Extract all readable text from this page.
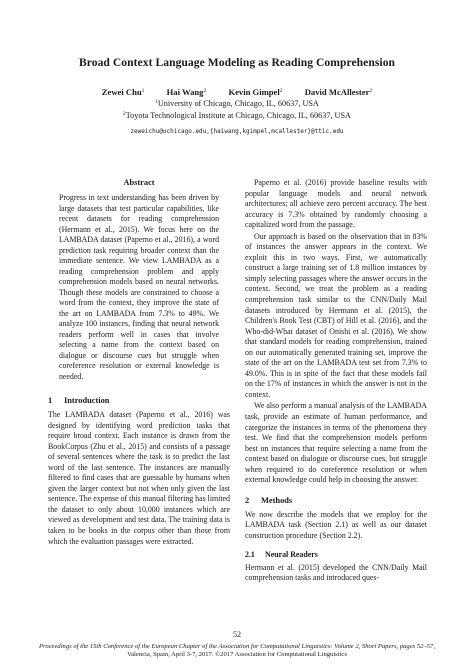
Broad Context Language Modeling as Reading Comprehension
Zewei Chu$^1$	Hai Wang$^2$	Kevin Gimpel$^2$	David McAllester$^2$
$^1$University of Chicago, Chicago, IL, 60637, USA
$^2$Toyota Technological Institute at Chicago, Chicago, IL, 60637, USA
zeweichu@uchicago.edu,{haiwang,kgimpel,mcallester}@ttic.edu
Abstract

Progress in text understanding has been driven by large datasets that test particular capabilities, like recent datasets for reading comprehension (Hermann et al., 2015). We focus here on the LAMBADA dataset (Paperno et al., 2016), a word prediction task requiring broader context than the immediate sentence. We view LAMBADA as a reading comprehension problem and apply comprehension models based on neural networks. Though these models are constrained to choose a word from the context, they improve the state of the art on LAMBADA from 7.3% to 49%. We analyze 100 instances, finding that neural network readers perform well in cases that involve selecting a name from the context based on dialogue or discourse cues but struggle when coreference resolution or external knowledge is needed.

1 Introduction

The LAMBADA dataset (Paperno et al., 2016) was designed by identifying word prediction tasks that require broad context. Each instance is drawn from the BookCorpus (Zhu et al., 2015) and consists of a passage of several sentences where the task is to predict the last word of the last sentence. The instances are manually filtered to find cases that are guessable by humans when given the larger context but not when only given the last sentence. The expense of this manual filtering has limited the dataset to only about 10,000 instances which are viewed as development and test data. The training data is taken to be books in the corpus other than those from which the evaluation passages were extracted.

Paperno et al. (2016) provide baseline results with popular language models and neural network architectures; all achieve zero percent accuracy. The best accuracy is 7.3% obtained by randomly choosing a capitalized word from the passage.

Our approach is based on the observation that in 83% of instances the answer appears in the context. We exploit this in two ways. First, we automatically construct a large training set of 1.8 million instances by simply selecting passages where the answer occurs in the context. Second, we treat the problem as a reading comprehension task similar to the CNN/Daily Mail datasets introduced by Hermann et al. (2015), the Children's Book Test (CBT) of Hill et al. (2016), and the Who-did-What dataset of Onishi et al. (2016). We show that standard models for reading comprehension, trained on our automatically generated training set, improve the state of the art on the LAMBADA test set from 7.3% to 49.0%. This is in spite of the fact that these models fail on the 17% of instances in which the answer is not in the context.

We also perform a manual analysis of the LAMBADA task, provide an estimate of human performance, and categorize the instances in terms of the phenomena they test. We find that the comprehension models perform best on instances that require selecting a name from the context based on dialogue or discourse cues, but struggle when required to do coreference resolution or when external knowledge could help in choosing the answer.

2 Methods

We now describe the models that we employ for the LAMBADA task (Section 2.1) as well as our dataset construction procedure (Section 2.2).

2.1 Neural Readers

Hermann et al. (2015) developed the CNN/Daily Mail comprehension tasks and introduced ques-

52
Proceedings of the 15th Conference of the European Chapter of the Association for Computational Linguistics: Volume 2, Short Papers, pages 52–57,
Valencia, Spain, April 3-7, 2017. ©2017 Association for Computational Linguistics
